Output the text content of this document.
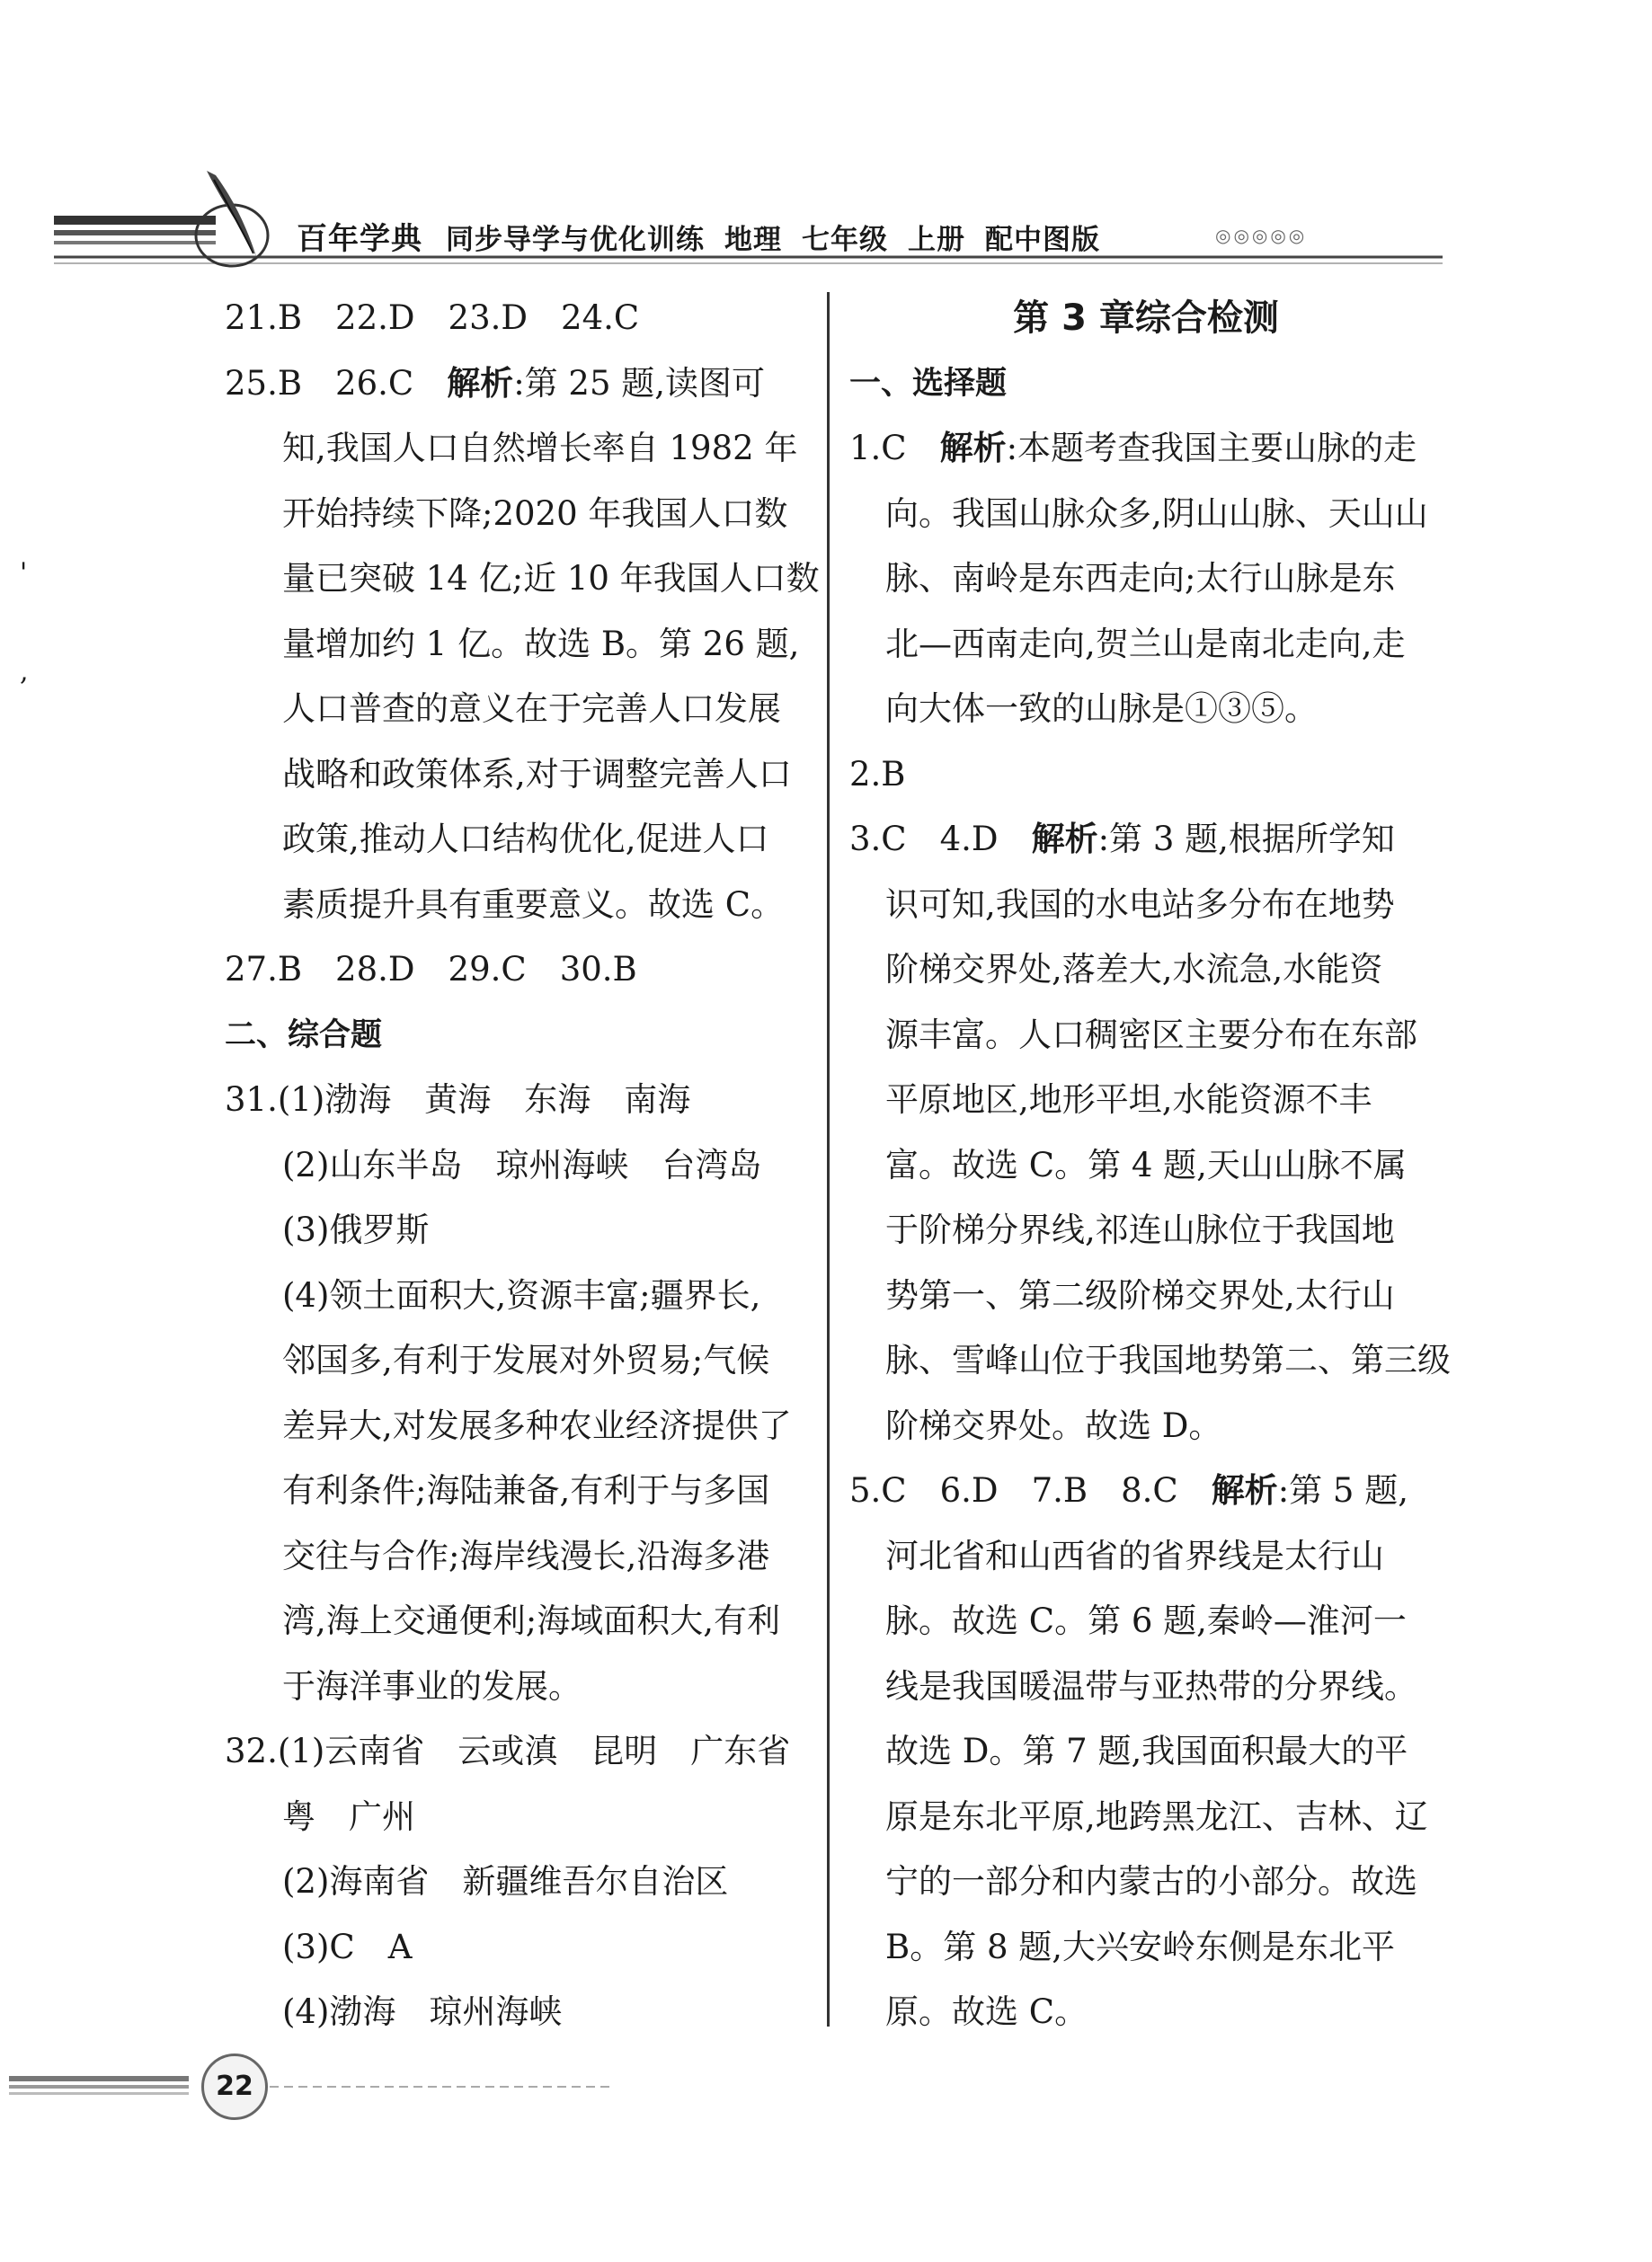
百年学典 同步导学与优化训练 地理 七年级 上册 配中图版	◎◎◎◎◎
'
,
21.B　22.D　23.D　24.C
25.B　26.C　解析:第 25 题,读图可
知,我国人口自然增长率自 1982 年
开始持续下降;2020 年我国人口数
量已突破 14 亿;近 10 年我国人口数
量增加约 1 亿。故选 B。第 26 题,
人口普查的意义在于完善人口发展
战略和政策体系,对于调整完善人口
政策,推动人口结构优化,促进人口
素质提升具有重要意义。故选 C。
27.B　28.D　29.C　30.B
二、综合题
31.(1)渤海　黄海　东海　南海
(2)山东半岛　琼州海峡　台湾岛
(3)俄罗斯
(4)领土面积大,资源丰富;疆界长,
邻国多,有利于发展对外贸易;气候
差异大,对发展多种农业经济提供了
有利条件;海陆兼备,有利于与多国
交往与合作;海岸线漫长,沿海多港
湾,海上交通便利;海域面积大,有利
于海洋事业的发展。
32.(1)云南省　云或滇　昆明　广东省
粤　广州
(2)海南省　新疆维吾尔自治区
(3)C　A
(4)渤海　琼州海峡
第 3 章综合检测
一、选择题
1.C　解析:本题考查我国主要山脉的走
向。我国山脉众多,阴山山脉、天山山
脉、南岭是东西走向;太行山脉是东
北—西南走向,贺兰山是南北走向,走
向大体一致的山脉是①③⑤。
2.B
3.C　4.D　解析:第 3 题,根据所学知
识可知,我国的水电站多分布在地势
阶梯交界处,落差大,水流急,水能资
源丰富。人口稠密区主要分布在东部
平原地区,地形平坦,水能资源不丰
富。故选 C。第 4 题,天山山脉不属
于阶梯分界线,祁连山脉位于我国地
势第一、第二级阶梯交界处,太行山
脉、雪峰山位于我国地势第二、第三级
阶梯交界处。故选 D。
5.C　6.D　7.B　8.C　解析:第 5 题,
河北省和山西省的省界线是太行山
脉。故选 C。第 6 题,秦岭—淮河一
线是我国暖温带与亚热带的分界线。
故选 D。第 7 题,我国面积最大的平
原是东北平原,地跨黑龙江、吉林、辽
宁的一部分和内蒙古的小部分。故选
B。第 8 题,大兴安岭东侧是东北平
原。故选 C。
22
